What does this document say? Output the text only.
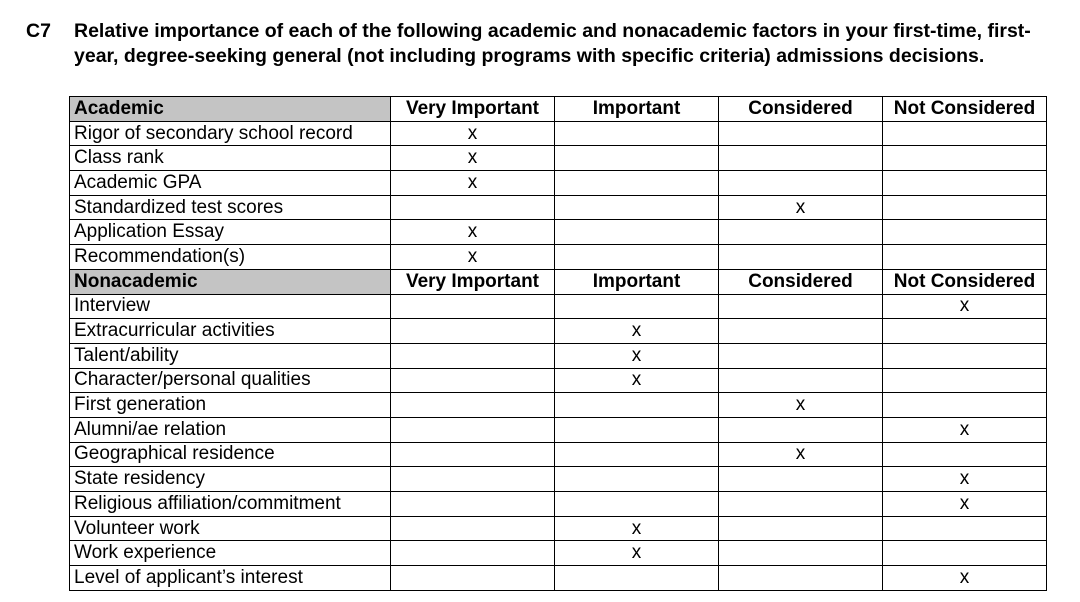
C7	Relative importance of each of the following academic and nonacademic factors in your first-time, first-year, degree-seeking general (not including programs with specific criteria) admissions decisions.
Academic	Very Important	Important	Considered	Not Considered
Rigor of secondary school record	x			
Class rank	x			
Academic GPA	x			
Standardized test scores			x	
Application Essay	x			
Recommendation(s)	x			
Nonacademic	Very Important	Important	Considered	Not Considered
Interview				x
Extracurricular activities		x		
Talent/ability		x		
Character/personal qualities		x		
First generation			x	
Alumni/ae relation				x
Geographical residence			x	
State residency				x
Religious affiliation/commitment				x
Volunteer work		x		
Work experience		x		
Level of applicant’s interest				x
